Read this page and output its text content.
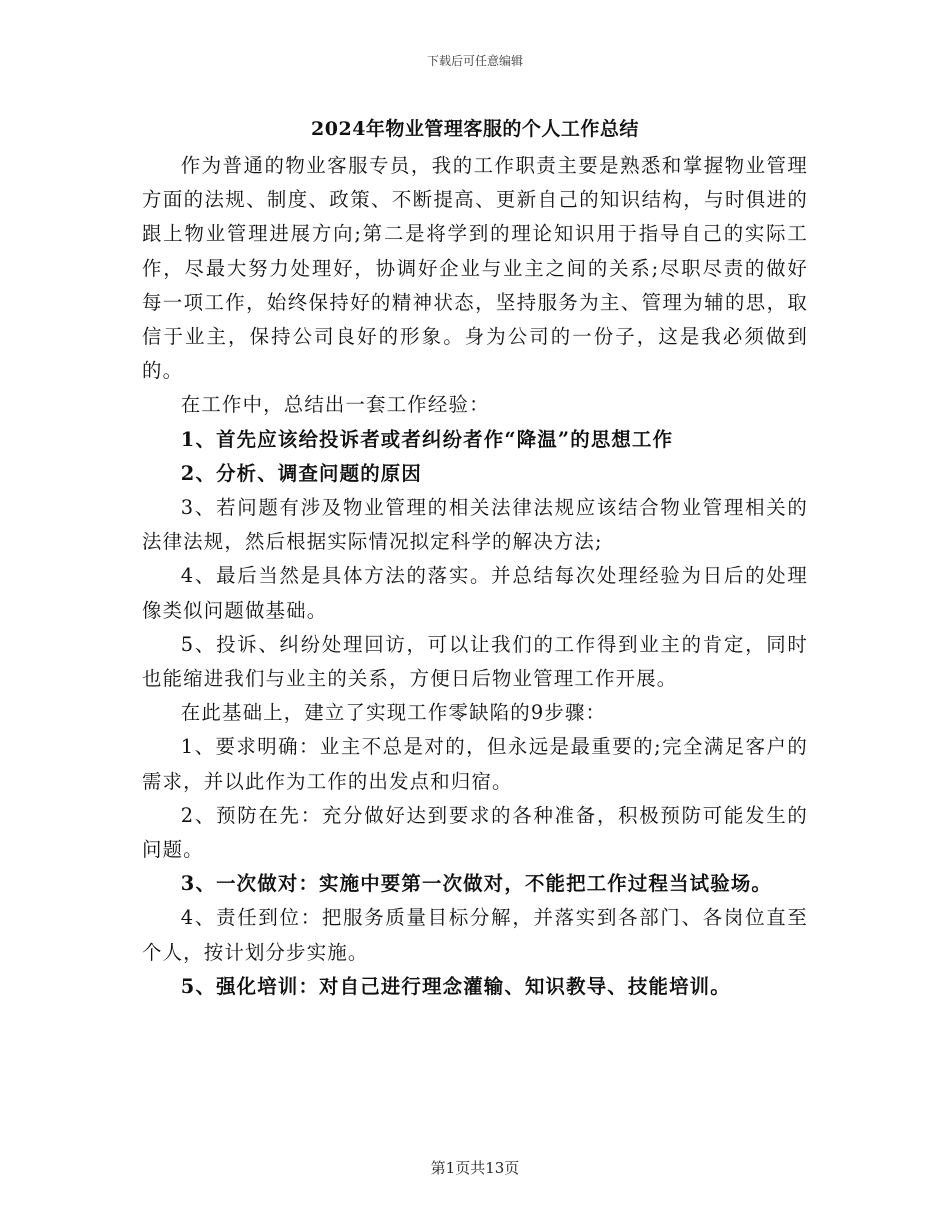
下载后可任意编辑
2024年物业管理客服的个人工作总结

作为普通的物业客服专员，我的工作职责主要是熟悉和掌握物业管理方面的法规、制度、政策、不断提高、更新自己的知识结构，与时俱进的跟上物业管理进展方向;第二是将学到的理论知识用于指导自己的实际工作，尽最大努力处理好，协调好企业与业主之间的关系;尽职尽责的做好每一项工作，始终保持好的精神状态，坚持服务为主、管理为辅的思，取信于业主，保持公司良好的形象。身为公司的一份子，这是我必须做到的。

在工作中，总结出一套工作经验：

1、首先应该给投诉者或者纠纷者作“降温”的思想工作

2、分析、调查问题的原因

3、若问题有涉及物业管理的相关法律法规应该结合物业管理相关的法律法规，然后根据实际情况拟定科学的解决方法;

4、最后当然是具体方法的落实。并总结每次处理经验为日后的处理像类似问题做基础。

5、投诉、纠纷处理回访，可以让我们的工作得到业主的肯定，同时也能缩进我们与业主的关系，方便日后物业管理工作开展。

在此基础上，建立了实现工作零缺陷的9步骤：

1、要求明确：业主不总是对的，但永远是最重要的;完全满足客户的需求，并以此作为工作的出发点和归宿。

2、预防在先：充分做好达到要求的各种准备，积极预防可能发生的问题。

3、一次做对：实施中要第一次做对，不能把工作过程当试验场。

4、责任到位：把服务质量目标分解，并落实到各部门、各岗位直至个人，按计划分步实施。

5、强化培训：对自己进行理念灌输、知识教导、技能培训。

第1页共13页
